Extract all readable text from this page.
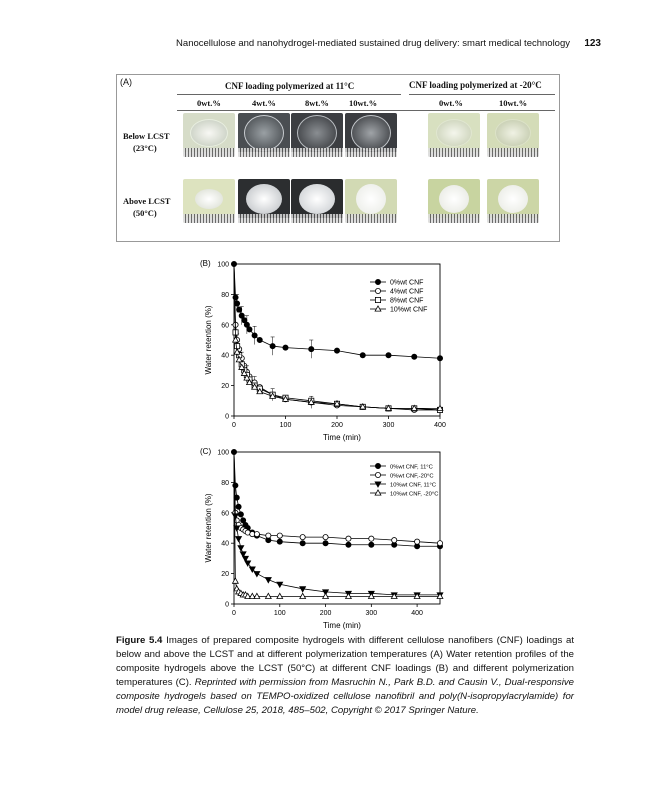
Nanocellulose and nanohydrogel-mediated sustained drug delivery: smart medical technology 123
(A)	CNF loading polymerized at 11°C	CNF loading polymerized at -20°C
0wt.%	4wt.%	8wt.% 10wt.%	0wt.%	10wt.%
Below LCST
(23°C)
Above LCST
(50°C)
(B)
Time (min)
Water retention (%)
0	100	200	300	400
0
20
40
60
80
100
0%wt CNF
4%wt CNF
8%wt CNF
10%wt CNF
(C)
Time (min)
Water retention (%)
0	100	200	300	400
0
20
40
60
80
100
0%wt CNF, 11°C
0%wt CNF,-20°C
10%wt CNF, 11°C
10%wt CNF, -20°C
Figure 5.4 Images of prepared composite hydrogels with different cellulose nanofibers (CNF) loadings at below and above the LCST and at different polymerization temperatures (A) Water retention profiles of the composite hydrogels above the LCST (50°C) at different CNF loadings (B) and different polymerization temperatures (C). Reprinted with permission from Masruchin N., Park B.D. and Causin V., Dual-responsive composite hydrogels based on TEMPO-oxidized cellulose nanofibril and poly(N-isopropylacrylamide) for model drug release, Cellulose 25, 2018, 485–502, Copyright © 2017 Springer Nature.
